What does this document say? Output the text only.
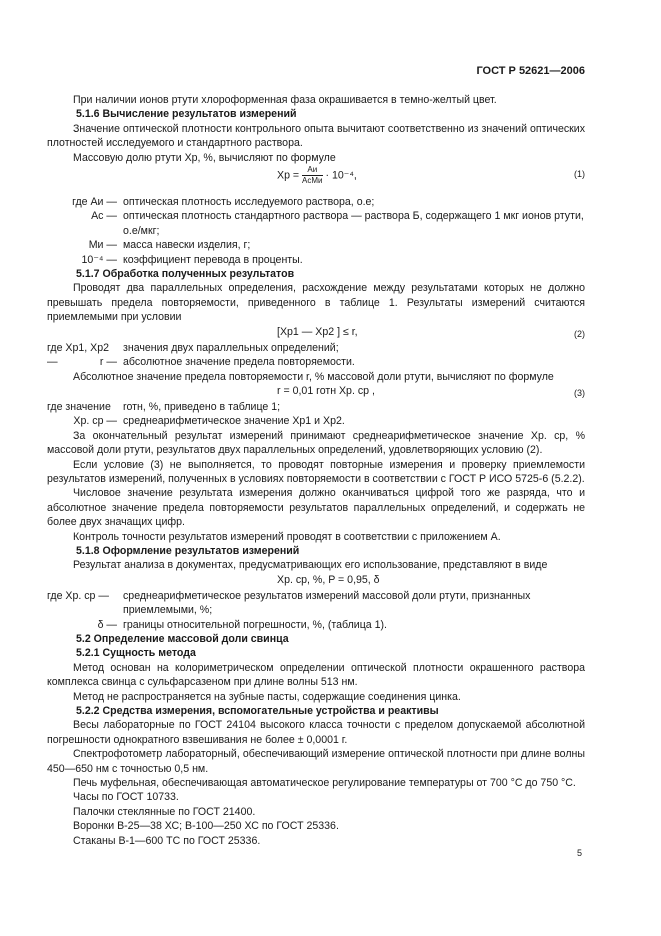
ГОСТ Р 52621—2006

При наличии ионов ртути хлороформенная фаза окрашивается в темно-желтый цвет.

5.1.6 Вычисление результатов измерений

Значение оптической плотности контрольного опыта вычитают соответственно из значений оптических плотностей исследуемого и стандартного раствора.

Массовую долю ртути Xp, %, вычисляют по формуле

Xр = $\frac{Аи}{\text{АсМи}} \cdot 10^{-4}$,	(1)
где Аи — оптическая плотность исследуемого раствора, о.е;
Ас — оптическая плотность стандартного раствора — раствора Б, содержащего 1 мкг ионов ртути, о.е/мкг;
Ми — масса навески изделия, г;
10⁻⁴ — коэффициент перевода в проценты.

5.1.7 Обработка полученных результатов

Проводят два параллельных определения, расхождение между результатами которых не должно превышать предела повторяемости, приведенного в таблице 1. Результаты измерений считаются приемлемыми при условии

[Xр1 — Xр2 ] ≤ r,	(2)
где Xр1, Xр2 —
значения двух параллельных определений;
r — абсолютное значение предела повторяемости.

Абсолютное значение предела повторяемости r, % массовой доли ртути, вычисляют по формуле

r = 0,01 rотн Xр. ср ,	(3)
где значение	rотн, %, приведено в таблице 1;
Xр. ср — среднеарифметическое значение Xр1 и Xр2.

За окончательный результат измерений принимают среднеарифметическое значение Xр. ср, % массовой доли ртути, результатов двух параллельных определений, удовлетворяющих условию (2).

Если условие (3) не выполняется, то проводят повторные измерения и проверку приемлемости результатов измерений, полученных в условиях повторяемости в соответствии с ГОСТ Р ИСО 5725-6 (5.2.2).

Числовое значение результата измерения должно оканчиваться цифрой того же разряда, что и абсолютное значение предела повторяемости результатов параллельных определений, и содержать не более двух значащих цифр.

Контроль точности результатов измерений проводят в соответствии с приложением А.

5.1.8 Оформление результатов измерений

Результат анализа в документах, предусматривающих его использование, представляют в виде

Xр. ср, %, P = 0,95, δ
где Xр. ср —	среднеарифметическое результатов измерений массовой доли ртути, признанных приемлемыми, %;
δ — границы относительной погрешности, %, (таблица 1).

5.2 Определение массовой доли свинца

5.2.1 Сущность метода

Метод основан на колориметрическом определении оптической плотности окрашенного раствора комплекса свинца с сульфарсазеном при длине волны 513 нм.

Метод не распространяется на зубные пасты, содержащие соединения цинка.

5.2.2 Средства измерения, вспомогательные устройства и реактивы

Весы лабораторные по ГОСТ 24104 высокого класса точности с пределом допускаемой абсолютной погрешности однократного взвешивания не более ± 0,0001 г.

Спектрофотометр лабораторный, обеспечивающий измерение оптической плотности при длине волны 450—650 нм с точностью 0,5 нм.

Печь муфельная, обеспечивающая автоматическое регулирование температуры от 700 °С до 750 °С.

Часы по ГОСТ 10733.

Палочки стеклянные по ГОСТ 21400.

Воронки В-25—38 ХС; В-100—250 ХС по ГОСТ 25336.

Стаканы В-1—600 ТС по ГОСТ 25336.

5
